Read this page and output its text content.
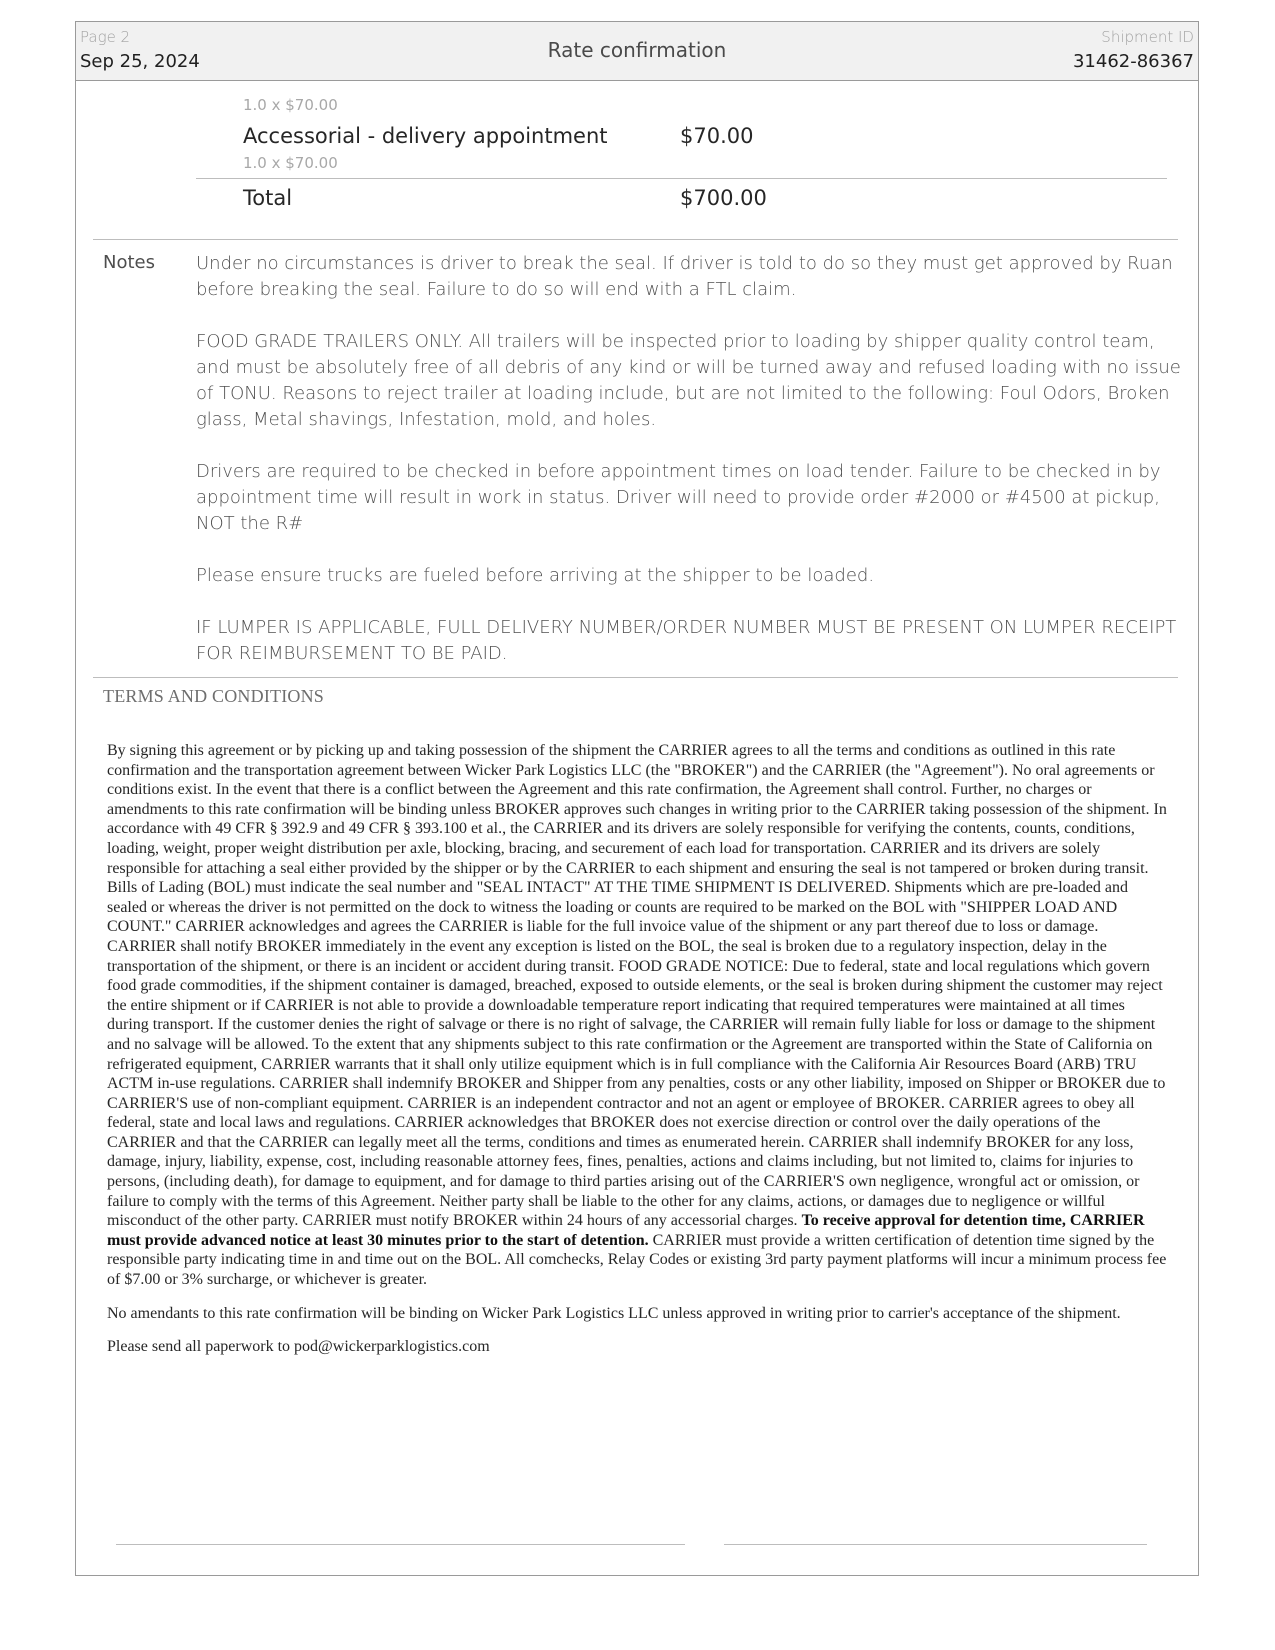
Page 2
Sep 25, 2024	Rate confirmation
Shipment ID
31462-86367
1.0 x $70.00
Accessorial - delivery appointment	$70.00
1.0 x $70.00
Total	$700.00
Notes Under no circumstances is driver to break the seal. If driver is told to do so they must get approved by Ruan before breaking the seal. Failure to do so will end with a FTL claim.

FOOD GRADE TRAILERS ONLY. All trailers will be inspected prior to loading by shipper quality control team, and must be absolutely free of all debris of any kind or will be turned away and refused loading with no issue of TONU. Reasons to reject trailer at loading include, but are not limited to the following: Foul Odors, Broken glass, Metal shavings, Infestation, mold, and holes.

Drivers are required to be checked in before appointment times on load tender. Failure to be checked in by appointment time will result in work in status. Driver will need to provide order #2000 or #4500 at pickup, NOT the R#

Please ensure trucks are fueled before arriving at the shipper to be loaded.

IF LUMPER IS APPLICABLE, FULL DELIVERY NUMBER/ORDER NUMBER MUST BE PRESENT ON LUMPER RECEIPT FOR REIMBURSEMENT TO BE PAID.

TERMS AND CONDITIONS

By signing this agreement or by picking up and taking possession of the shipment the CARRIER agrees to all the terms and conditions as outlined in this rate confirmation and the transportation agreement between Wicker Park Logistics LLC (the "BROKER") and the CARRIER (the "Agreement"). No oral agreements or conditions exist. In the event that there is a conflict between the Agreement and this rate confirmation, the Agreement shall control. Further, no charges or amendments to this rate confirmation will be binding unless BROKER approves such changes in writing prior to the CARRIER taking possession of the shipment. In accordance with 49 CFR § 392.9 and 49 CFR § 393.100 et al., the CARRIER and its drivers are solely responsible for verifying the contents, counts, conditions, loading, weight, proper weight distribution per axle, blocking, bracing, and securement of each load for transportation. CARRIER and its drivers are solely responsible for attaching a seal either provided by the shipper or by the CARRIER to each shipment and ensuring the seal is not tampered or broken during transit. Bills of Lading (BOL) must indicate the seal number and "SEAL INTACT" AT THE TIME SHIPMENT IS DELIVERED. Shipments which are pre-loaded and sealed or whereas the driver is not permitted on the dock to witness the loading or counts are required to be marked on the BOL with "SHIPPER LOAD AND COUNT." CARRIER acknowledges and agrees the CARRIER is liable for the full invoice value of the shipment or any part thereof due to loss or damage. CARRIER shall notify BROKER immediately in the event any exception is listed on the BOL, the seal is broken due to a regulatory inspection, delay in the transportation of the shipment, or there is an incident or accident during transit. FOOD GRADE NOTICE: Due to federal, state and local regulations which govern food grade commodities, if the shipment container is damaged, breached, exposed to outside elements, or the seal is broken during shipment the customer may reject the entire shipment or if CARRIER is not able to provide a downloadable temperature report indicating that required temperatures were maintained at all times during transport. If the customer denies the right of salvage or there is no right of salvage, the CARRIER will remain fully liable for loss or damage to the shipment and no salvage will be allowed. To the extent that any shipments subject to this rate confirmation or the Agreement are transported within the State of California on refrigerated equipment, CARRIER warrants that it shall only utilize equipment which is in full compliance with the California Air Resources Board (ARB) TRU ACTM in-use regulations. CARRIER shall indemnify BROKER and Shipper from any penalties, costs or any other liability, imposed on Shipper or BROKER due to CARRIER'S use of non-compliant equipment. CARRIER is an independent contractor and not an agent or employee of BROKER. CARRIER agrees to obey all federal, state and local laws and regulations. CARRIER acknowledges that BROKER does not exercise direction or control over the daily operations of the CARRIER and that the CARRIER can legally meet all the terms, conditions and times as enumerated herein. CARRIER shall indemnify BROKER for any loss, damage, injury, liability, expense, cost, including reasonable attorney fees, fines, penalties, actions and claims including, but not limited to, claims for injuries to persons, (including death), for damage to equipment, and for damage to third parties arising out of the CARRIER'S own negligence, wrongful act or omission, or failure to comply with the terms of this Agreement. Neither party shall be liable to the other for any claims, actions, or damages due to negligence or willful misconduct of the other party. CARRIER must notify BROKER within 24 hours of any accessorial charges. To receive approval for detention time, CARRIER must provide advanced notice at least 30 minutes prior to the start of detention. CARRIER must provide a written certification of detention time signed by the responsible party indicating time in and time out on the BOL. All comchecks, Relay Codes or existing 3rd party payment platforms will incur a minimum process fee of $7.00 or 3% surcharge, or whichever is greater.

No amendants to this rate confirmation will be binding on Wicker Park Logistics LLC unless approved in writing prior to carrier's acceptance of the shipment.

Please send all paperwork to pod@wickerparklogistics.com
